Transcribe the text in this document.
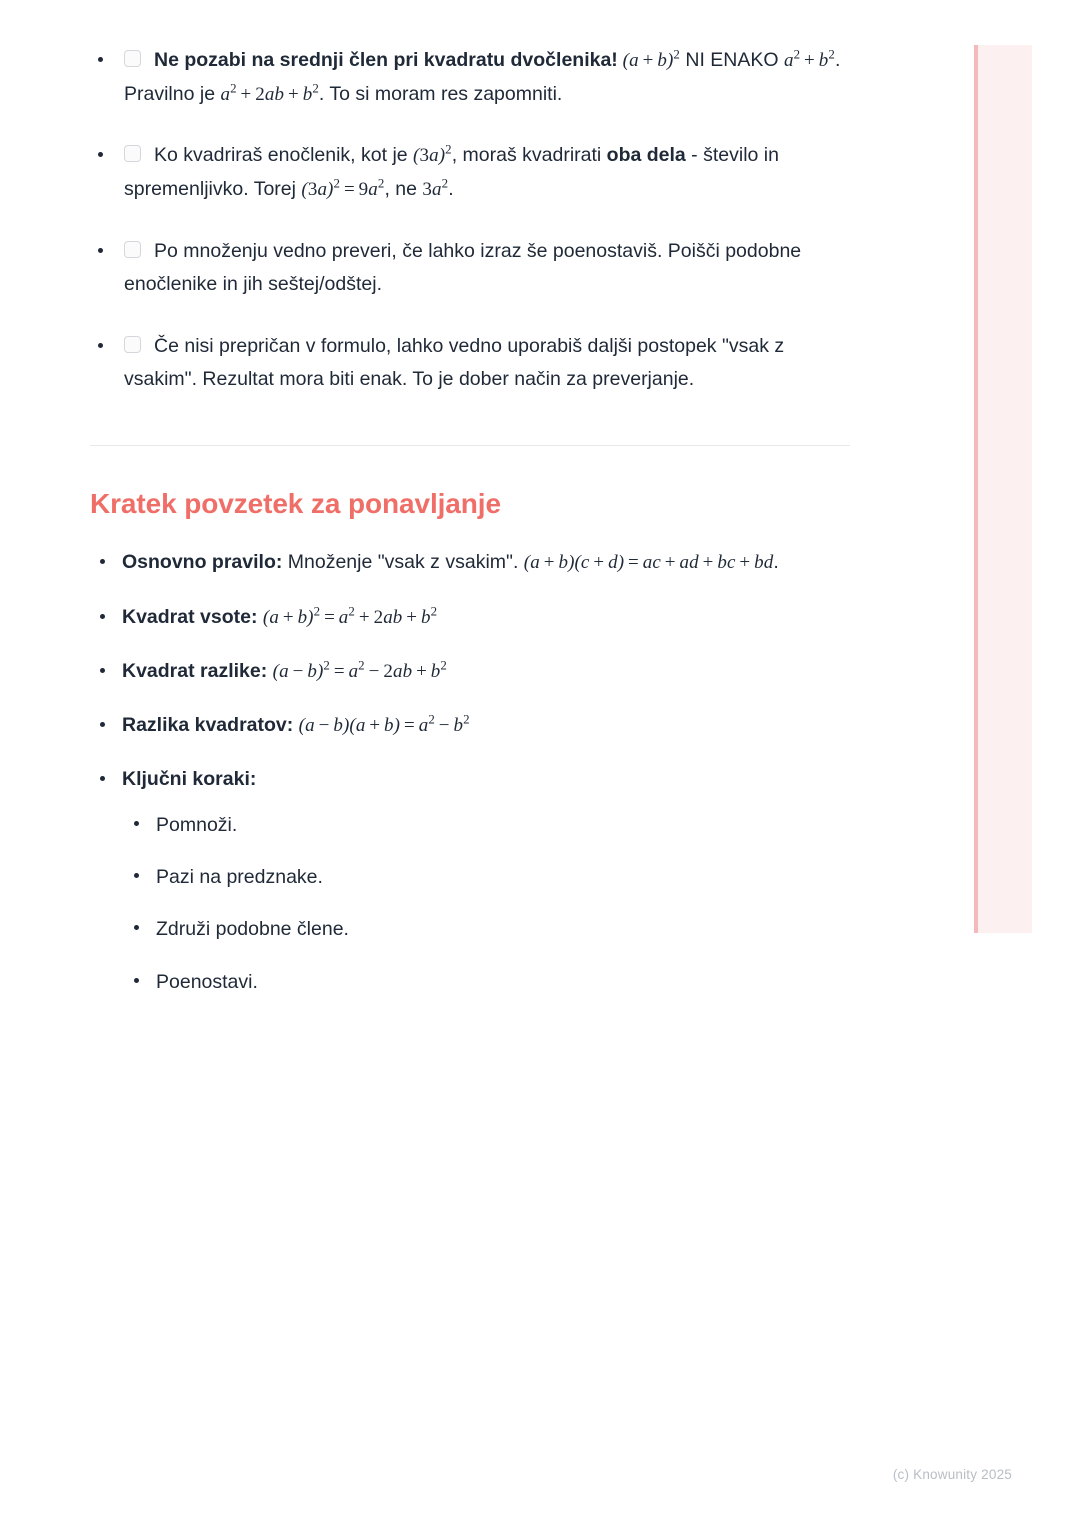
Ne pozabi na srednji člen pri kvadratu dvočlenika! $(a + b)^2$ NI ENAKO $a^2 + b^2$. Pravilno je $a^2 + 2ab + b^2$. To si moram res zapomniti.
Ko kvadriraš enočlenik, kot je $(3a)^2$, moraš kvadrirati oba dela - število in spremenljivko. Torej $(3a)^2 = 9a^2$, ne $3a^2$.
Po množenju vedno preveri, če lahko izraz še poenostaviš. Poišči podobne enočlenike in jih seštej/odštej.
Če nisi prepričan v formulo, lahko vedno uporabiš daljši postopek "vsak z vsakim". Rezultat mora biti enak. To je dober način za preverjanje.
Kratek povzetek za ponavljanje
Osnovno pravilo: Množenje "vsak z vsakim". (a + b)(c + d) = ac + ad + bc + bd.
Kvadrat vsote: $(a + b)^2 = a^2 + 2ab + b^2$
Kvadrat razlike: $(a - b)^2 = a^2 - 2ab + b^2$
Razlika kvadratov: $(a - b)(a + b) = a^2 - b^2$
Ključni koraki:
Pomnoži.
Pazi na predznake.
Združi podobne člene.
Poenostavi.
(c) Knowunity 2025
